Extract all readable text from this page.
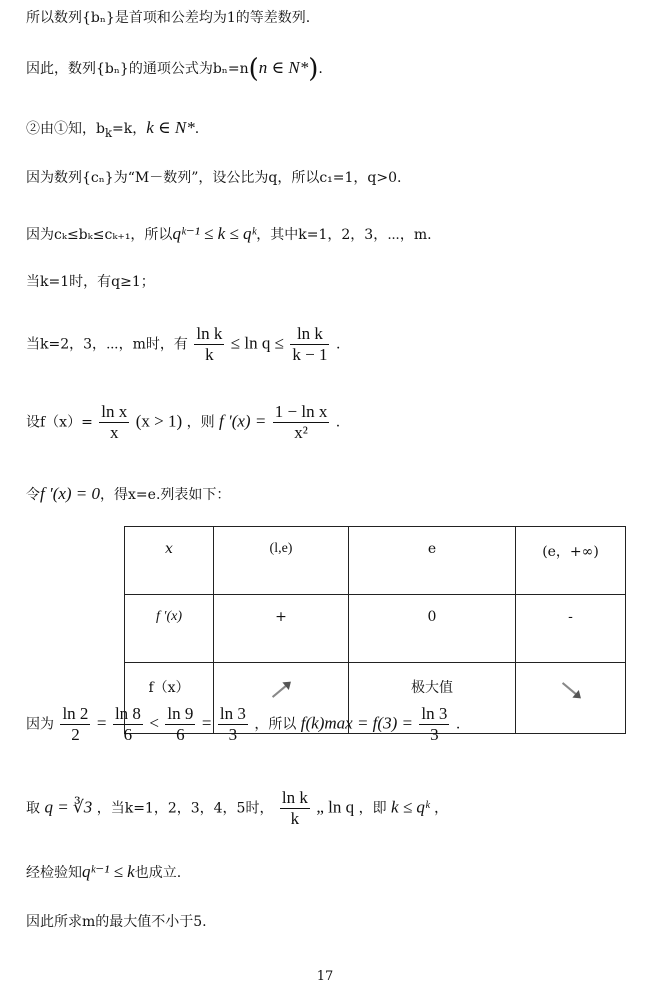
所以数列{bₙ}是首项和公差均为1的等差数列.
因此，数列{bₙ}的通项公式为bₙ=n(n ∈ N*).
②由①知，$b_k=k$，k ∈ N*.
因为数列{cₙ}为“M－数列”，设公比为q，所以c₁=1，q>0.
因为cₖ≤bₖ≤cₖ₊₁，所以qᵏ⁻¹ ≤ k ≤ qᵏ，其中k=1，2，3，⋯，m.
当k=1时，有q≥1；
当k=2，3，⋯，m时，有 $\frac{\text{ln k}}{k} \le \ln q \le \frac{\text{ln k}}{k - 1}$ .
设$f(x)= \frac{\text{ln x}}{x} (x > 1)$ ，则 f $'(x) = \frac{\text{1 − ln x}}{\text{x²}}$ .
令f ′(x) = 0，得x=e.列表如下：
x	(l,e)	e	(e，+∞)
f ′(x)	+	0	-
f（x）		极大值	
因为 $\frac{\ln 2}{2} = \frac{\ln 8}{6} < \frac{\ln 9}{6} = \frac{\ln 3}{3}$ ，所以 $f(k)\max = f(3) = \frac{\ln 3}{3}$ .
取 q = ∛3 ，当k=1，2，3，4，5时， $\frac{\text{ln k}}{k}$ „ ln q ，即 k ≤ qᵏ ，
经检验知qᵏ⁻¹ ≤ k也成立.
因此所求m的最大值不小于5.
17
